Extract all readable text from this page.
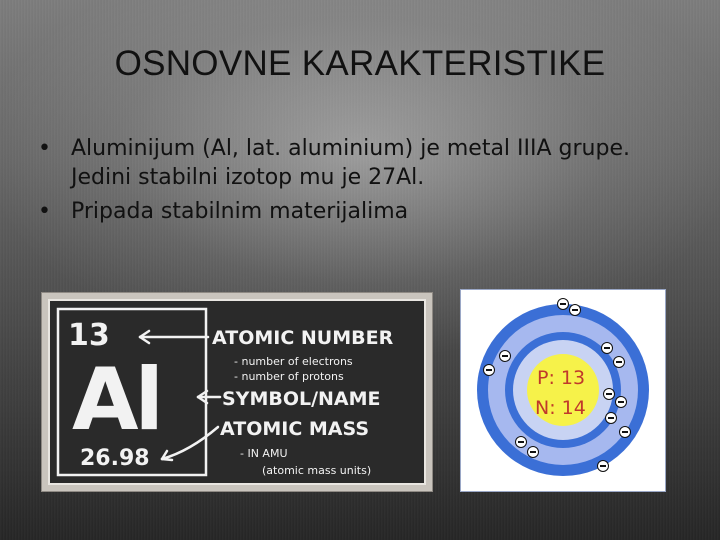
OSNOVNE KARAKTERISTIKE
• Aluminijum (Al, lat. aluminium) je metal IIIA grupe. Jedini stabilni izotop mu je 27Al.
• Pripada stabilnim materijalima
13
Al
26.98
ATOMIC NUMBER
- number of electrons
- number of protons
SYMBOL/NAME
ATOMIC MASS
- IN AMU
(atomic mass units)
P: 13
N: 14
